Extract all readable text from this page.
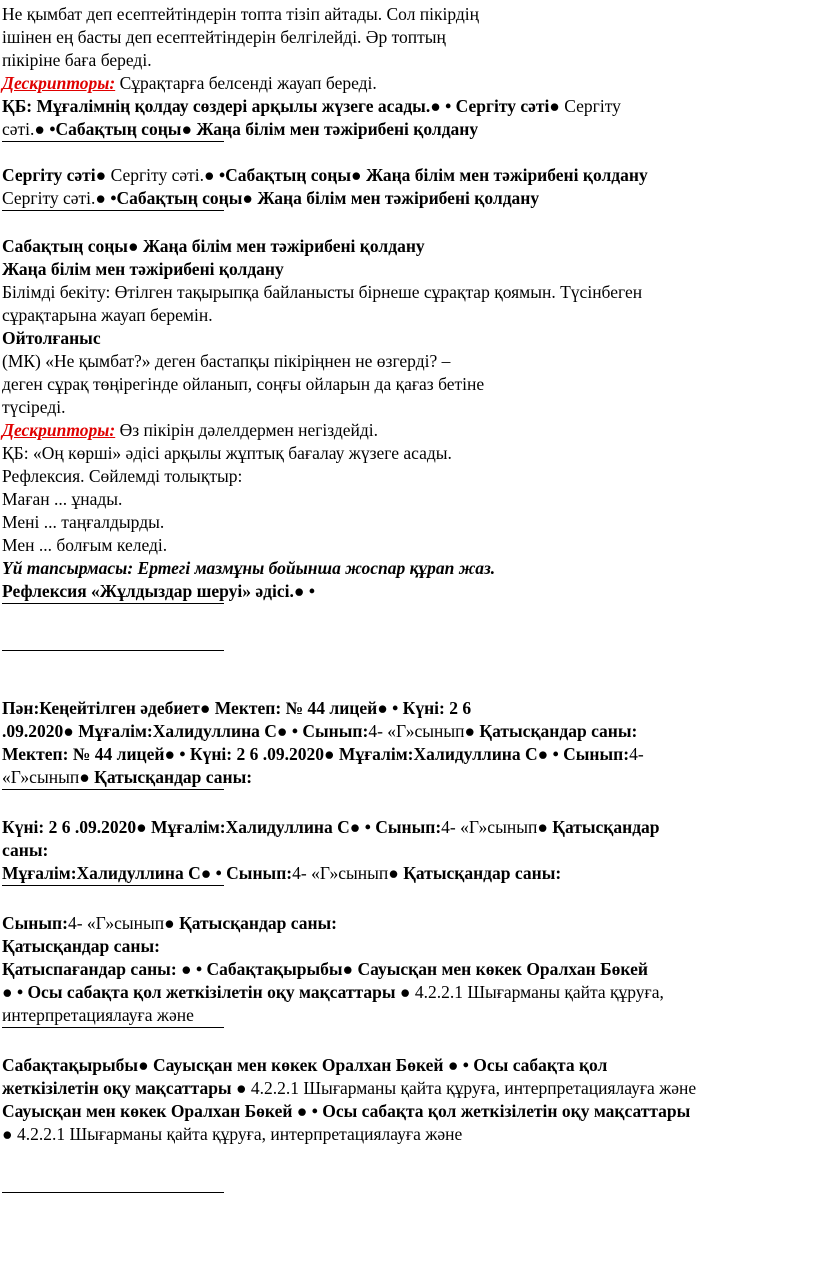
Не қымбат деп есептейтіндерін топта тізіп айтады. Сол пікірдің
ішінен ең басты деп есептейтіндерін белгілейді. Әр топтың
пікіріне баға береді.
Дескрипторы: Сұрақтарға белсенді жауап береді.
ҚБ: Мұғалімнің қолдау сөздері арқылы жүзеге асады.● • Сергіту сәті● Сергіту
сәті.● •Сабақтың соңы● Жаңа білім мен тәжірибені қолдану
Сергіту сәті● Сергіту сәті.● •Сабақтың соңы● Жаңа білім мен тәжірибені қолдану
Сергіту сәті.● •Сабақтың соңы● Жаңа білім мен тәжірибені қолдану
Сабақтың соңы● Жаңа білім мен тәжірибені қолдану
Жаңа білім мен тәжірибені қолдану
Білімді бекіту: Өтілген тақырыпқа байланысты бірнеше сұрақтар қоямын. Түсінбеген
сұрақтарына жауап беремін.
Ойтолғаныс
(МК) «Не қымбат?» деген бастапқы пікіріңнен не өзгерді? –
деген сұрақ төңірегінде ойланып, соңғы ойларын да қағаз бетіне
түсіреді.
Дескрипторы: Өз пікірін дәлелдермен негіздейді.
ҚБ: «Оң көрші» әдісі арқылы жұптық бағалау жүзеге асады.
Рефлексия. Сөйлемді толықтыр:
Маған ... ұнады.
Мені ... таңғалдырды.
Мен ... болғым келеді.
Үй тапсырмасы: Ертегі мазмұны бойынша жоспар құрап жаз.
Рефлексия «Жұлдыздар шеруі» әдісі.● •
Пән:Кеңейтілген әдебиет● Мектеп: № 44 лицей● • Күні: 2 6
.09.2020● Мұғалім:Халидуллина С● • Сынып:4- «Г»сынып● Қатысқандар саны:
Мектеп: № 44 лицей● • Күні: 2 6 .09.2020● Мұғалім:Халидуллина С● • Сынып:4-
«Г»сынып● Қатысқандар саны:
Күні: 2 6 .09.2020● Мұғалім:Халидуллина С● • Сынып:4- «Г»сынып● Қатысқандар
саны:
Мұғалім:Халидуллина С● • Сынып:4- «Г»сынып● Қатысқандар саны:
Сынып:4- «Г»сынып● Қатысқандар саны:
Қатысқандар саны:
Қатыспағандар саны: ● • Сабақтақырыбы● Сауысқан мен көкек Оралхан Бөкей
● • Осы сабақта қол жеткізілетін оқу мақсаттары ● 4.2.2.1 Шығарманы қайта құруға,
интерпретациялауға және
Сабақтақырыбы● Сауысқан мен көкек Оралхан Бөкей ● • Осы сабақта қол
жеткізілетін оқу мақсаттары ● 4.2.2.1 Шығарманы қайта құруға, интерпретациялауға және
Сауысқан мен көкек Оралхан Бөкей ● • Осы сабақта қол жеткізілетін оқу мақсаттары
● 4.2.2.1 Шығарманы қайта құруға, интерпретациялауға және
